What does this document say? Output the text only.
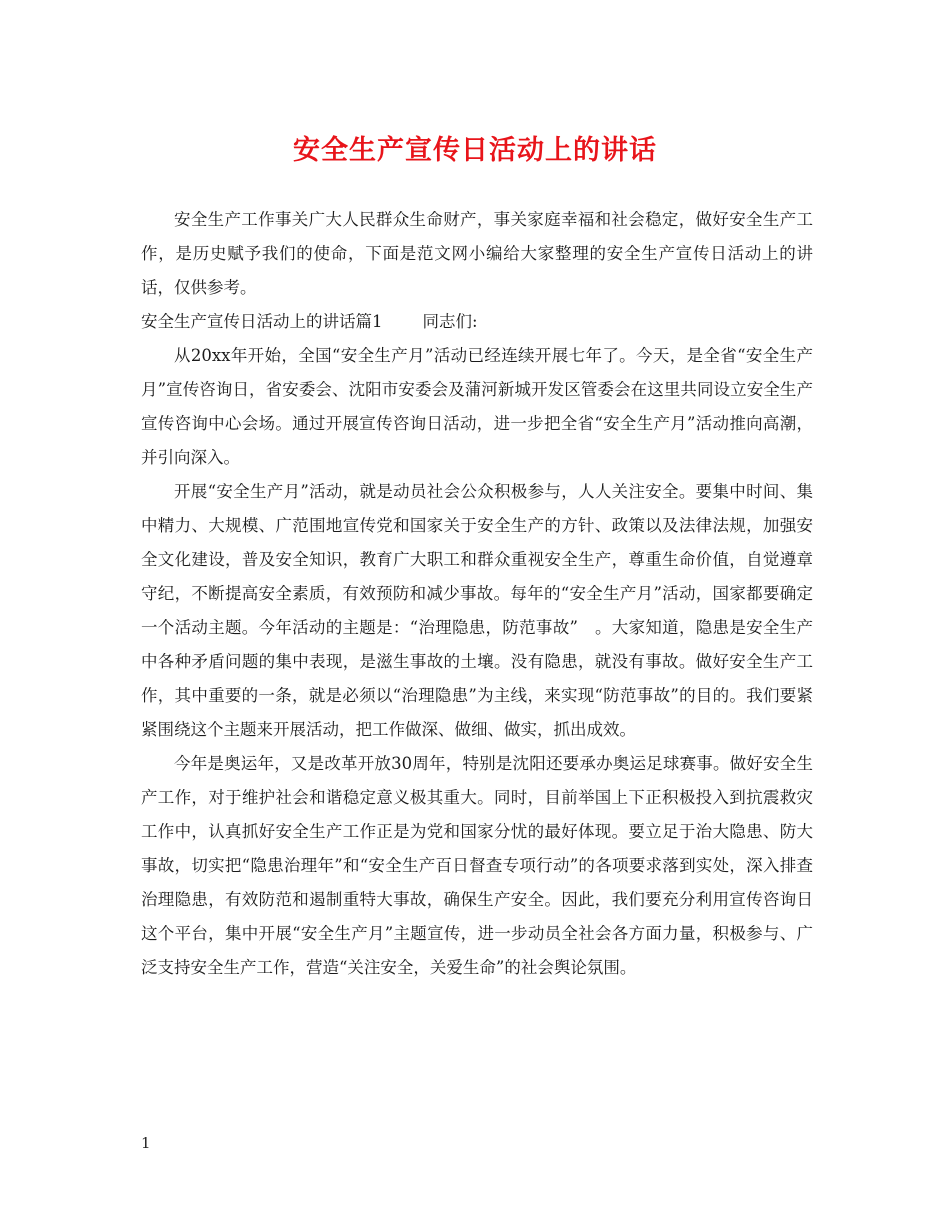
安全生产宣传日活动上的讲话

安全生产工作事关广大人民群众生命财产，事关家庭幸福和社会稳定，做好安全生产工作，是历史赋予我们的使命，下面是范文网小编给大家整理的安全生产宣传日活动上的讲话，仅供参考。

安全生产宣传日活动上的讲话篇1 同志们:

从20xx年开始，全国“安全生产月”活动已经连续开展七年了。今天，是全省“安全生产月”宣传咨询日，省安委会、沈阳市安委会及蒲河新城开发区管委会在这里共同设立安全生产宣传咨询中心会场。通过开展宣传咨询日活动，进一步把全省“安全生产月”活动推向高潮，并引向深入。

开展“安全生产月”活动，就是动员社会公众积极参与，人人关注安全。要集中时间、集中精力、大规模、广范围地宣传党和国家关于安全生产的方针、政策以及法律法规，加强安全文化建设，普及安全知识，教育广大职工和群众重视安全生产，尊重生命价值，自觉遵章守纪，不断提高安全素质，有效预防和减少事故。每年的“安全生产月”活动，国家都要确定一个活动主题。今年活动的主题是：“治理隐患，防范事故”　。大家知道，隐患是安全生产中各种矛盾问题的集中表现，是滋生事故的土壤。没有隐患，就没有事故。做好安全生产工作，其中重要的一条，就是必须以“治理隐患”为主线，来实现“防范事故”的目的。我们要紧紧围绕这个主题来开展活动，把工作做深、做细、做实，抓出成效。

今年是奥运年，又是改革开放30周年，特别是沈阳还要承办奥运足球赛事。做好安全生产工作，对于维护社会和谐稳定意义极其重大。同时，目前举国上下正积极投入到抗震救灾工作中，认真抓好安全生产工作正是为党和国家分忧的最好体现。要立足于治大隐患、防大事故，切实把“隐患治理年”和“安全生产百日督查专项行动”的各项要求落到实处，深入排查治理隐患，有效防范和遏制重特大事故，确保生产安全。因此，我们要充分利用宣传咨询日这个平台，集中开展“安全生产月”主题宣传，进一步动员全社会各方面力量，积极参与、广泛支持安全生产工作，营造“关注安全，关爱生命”的社会舆论氛围。

1
